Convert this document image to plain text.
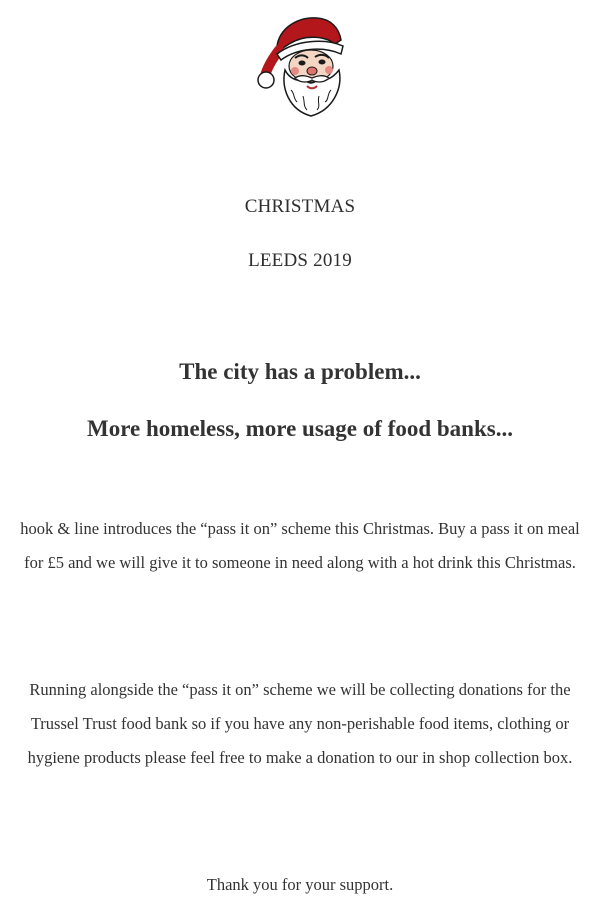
CHRISTMAS
LEEDS 2019
The city has a problem...
More homeless, more usage of food banks...
hook & line introduces the “pass it on” scheme this Christmas. Buy a pass it on meal for £5 and we will give it to someone in need along with a hot drink this Christmas.
Running alongside the “pass it on” scheme we will be collecting donations for the Trussel Trust food bank so if you have any non-perishable food items, clothing or hygiene products please feel free to make a donation to our in shop collection box.
Thank you for your support.
